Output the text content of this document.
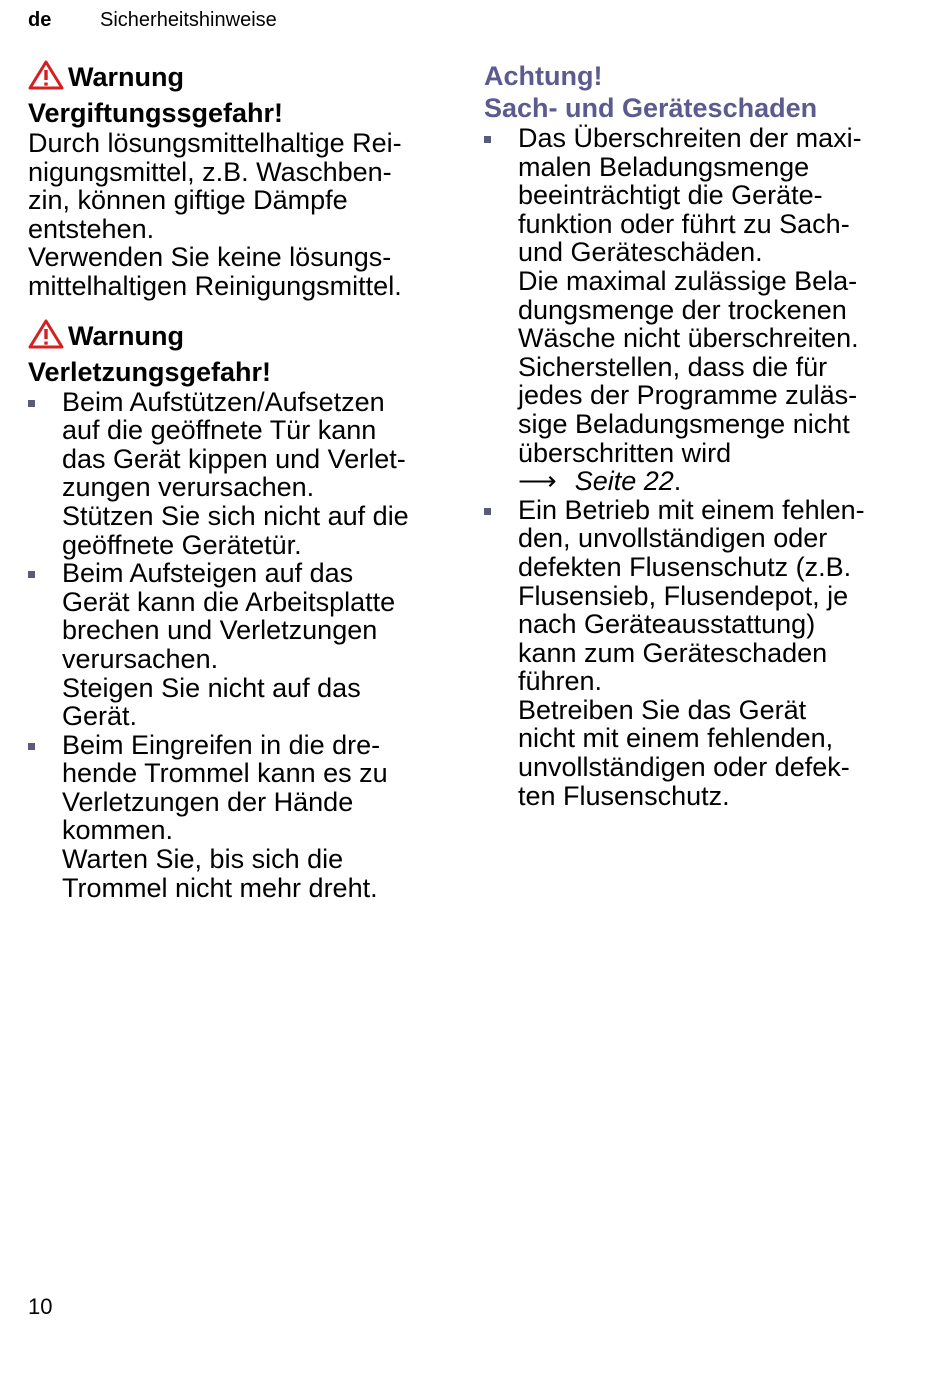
de Sicherheitshinweise
Warnung
Vergiftungssgefahr!
Durch lösungsmittelhaltige Rei-
nigungsmittel, z.B. Waschben-
zin, können giftige Dämpfe
entstehen.
Verwenden Sie keine lösungs-
mittelhaltigen Reinigungsmittel.
Warnung
Verletzungsgefahr!
Beim Aufstützen/Aufsetzen
auf die geöffnete Tür kann
das Gerät kippen und Verlet-
zungen verursachen.
Stützen Sie sich nicht auf die
geöffnete Gerätetür.
Beim Aufsteigen auf das
Gerät kann die Arbeitsplatte
brechen und Verletzungen
verursachen.
Steigen Sie nicht auf das
Gerät.
Beim Eingreifen in die dre-
hende Trommel kann es zu
Verletzungen der Hände
kommen.
Warten Sie, bis sich die
Trommel nicht mehr dreht.
Achtung!
Sach- und Geräteschaden
Das Überschreiten der maxi-
malen Beladungsmenge
beeinträchtigt die Geräte-
funktion oder führt zu Sach-
und Geräteschäden.
Die maximal zulässige Bela-
dungsmenge der trockenen
Wäsche nicht überschreiten.
Sicherstellen, dass die für
jedes der Programme zuläs-
sige Beladungsmenge nicht
überschritten wird
⟶ Seite 22.
Ein Betrieb mit einem fehlen-
den, unvollständigen oder
defekten Flusenschutz (z.B.
Flusensieb, Flusendepot, je
nach Geräteausstattung)
kann zum Geräteschaden
führen.
Betreiben Sie das Gerät
nicht mit einem fehlenden,
unvollständigen oder defek-
ten Flusenschutz.
10
